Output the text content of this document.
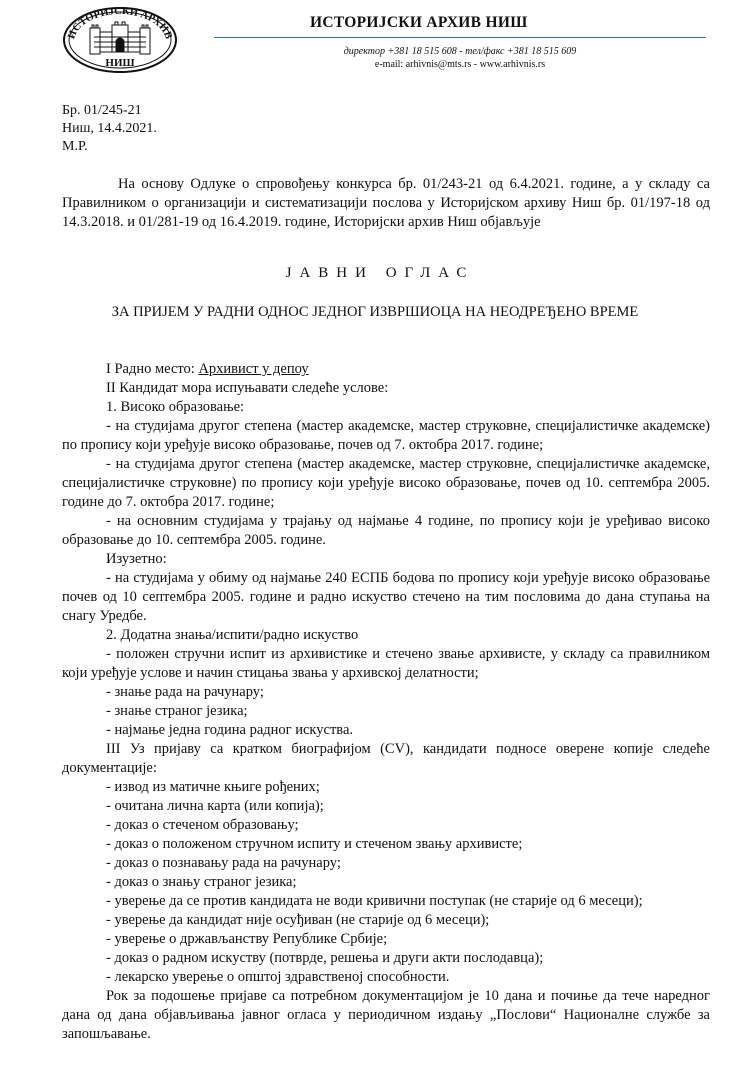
ИСТОРИЈСКИ АРХИВ
НИШ
ИСТОРИЈСКИ АРХИВ НИШ
директор +381 18 515 608 - тел/факс +381 18 515 609
e-mail: arhivnis@mts.rs - www.arhivnis.rs
Бр. 01/245-21
Ниш, 14.4.2021.
М.Р.
На основу Одлуке о спровођењу конкурса бр. 01/243-21 од 6.4.2021. године, а у складу са Правилником о организацији и систематизацији послова у Историјском архиву Ниш бр. 01/197-18 од 14.3.2018. и 01/281-19 од 16.4.2019. године, Историјски архив Ниш објављује
ЈАВНИ ОГЛАС
ЗА ПРИЈЕМ У РАДНИ ОДНОС ЈЕДНОГ ИЗВРШИОЦА НА НЕОДРЕЂЕНО ВРЕМЕ
I Радно место: Архивист у депоу
II Кандидат мора испуњавати следеће услове:
1. Високо образовање:
- на студијама другог степена (мастер академске, мастер струковне, специјалистичке академске) по пропису који уређује високо образовање, почев од 7. октобра 2017. године;
- на студијама другог степена (мастер академске, мастер струковне, специјалистичке академске, специјалистичке струковне) по пропису који уређује високо образовање, почев од 10. септембра 2005. године до 7. октобра 2017. године;
- на основним студијама у трајању од најмање 4 године, по пропису који је уређивао високо образовање до 10. септембра 2005. године.
Изузетно:
- на студијама у обиму од најмање 240 ЕСПБ бодова по пропису који уређује високо образовање почев од 10 септембра 2005. године и радно искуство стечено на тим пословима до дана ступања на снагу Уредбе.
2. Додатна знања/испити/радно искуство
- положен стручни испит из архивистике и стечено звање архивисте, у складу са правилником који уређује услове и начин стицања звања у архивској делатности;
- знање рада на рачунару;
- знање страног језика;
- најмање једна година радног искуства.
III Уз пријаву са кратком биографијом (CV), кандидати подносе оверене копије следеће документације:
- извод из матичне књиге рођених;
- очитана лична карта (или копија);
- доказ о стеченом образовању;
- доказ о положеном стручном испиту и стеченом звању архивисте;
- доказ о познавању рада на рачунару;
- доказ о знању страног језика;
- уверење да се против кандидата не води кривични поступак (не старије од 6 месеци);
- уверење да кандидат није осуђиван (не старије од 6 месеци);
- уверење о држављанству Републике Србије;
- доказ о радном искуству (потврде, решења и други акти послодавца);
- лекарско уверење о општој здравственој способности.
Рок за подошење пријаве са потребном документацијом је 10 дана и почиње да тече наредног дана од дана објављивања јавног огласа у периодичном издању „Послови“ Националне службе за запошљавање.
